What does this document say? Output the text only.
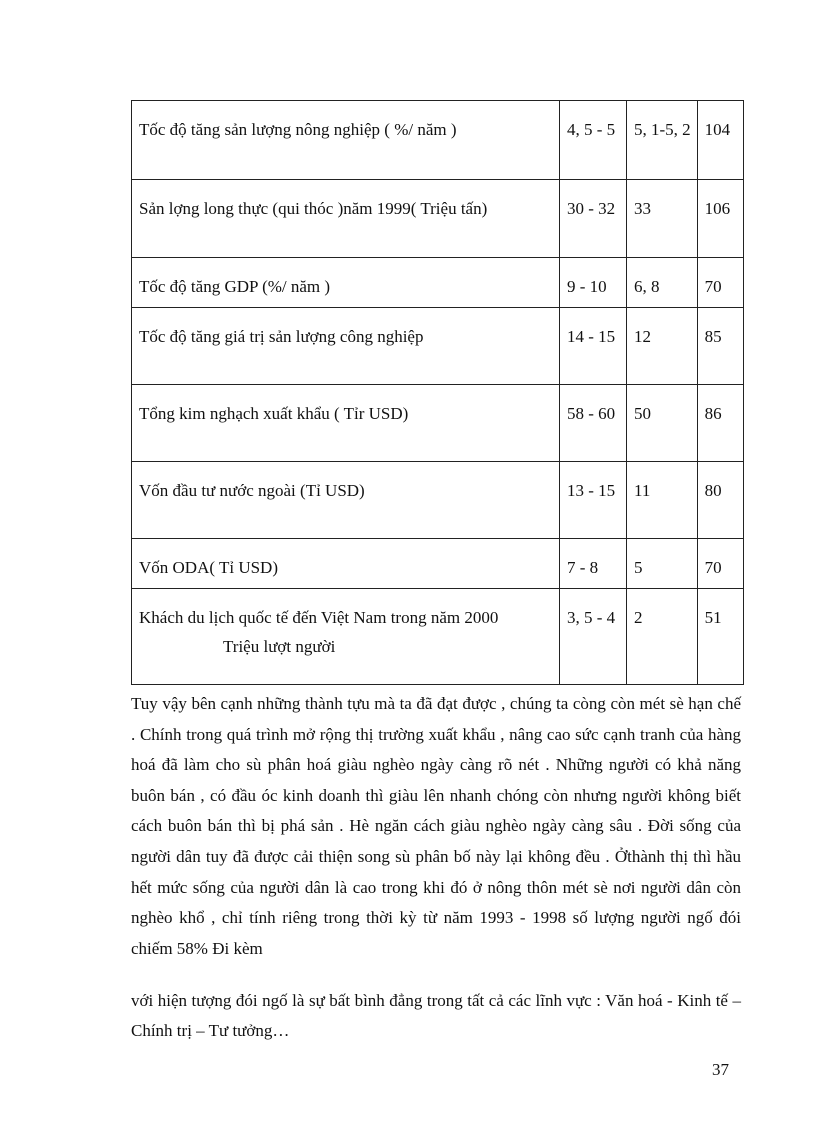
Tốc độ tăng sản lượng nông nghiệp ( %/ năm )	4, 5 - 5	5, 1-5, 2	104
Sản lợng long thực (qui thóc )năm 1999( Triệu tấn)	30 - 32	33	106
Tốc độ tăng GDP (%/ năm )	9 - 10	6, 8	70
Tốc độ tăng giá trị sản lượng công nghiệp	14 - 15	12	85
Tổng kim nghạch xuất khẩu ( Tỉr USD)	58 - 60	50	86
Vốn đầu tư nước ngoài (Tỉ USD)	13 - 15	11	80
Vốn ODA( Tỉ USD)	7 - 8	5	70
Khách du lịch quốc tế đến Việt Nam trong năm 2000
Triệu lượt người	3, 5 - 4	2	51

Tuy vậy bên cạnh những thành tựu mà ta đã đạt được , chúng ta còng còn mét sè hạn chế . Chính trong quá trình mở rộng thị trường xuất khẩu , nâng cao sức cạnh tranh của hàng hoá đã làm cho sù phân hoá giàu nghèo ngày càng rõ nét . Những người có khả năng buôn bán , có đầu óc kinh doanh thì giàu lên nhanh chóng còn nhưng người không biết cách buôn bán thì bị phá sản . Hè ngăn cách giàu nghèo ngày càng sâu . Đời sống của người dân tuy đã được cải thiện song sù phân bố này lại không đều . Ởthành thị thì hầu hết mức sống của người dân là cao trong khi đó ở nông thôn mét sè nơi người dân còn nghèo khổ , chỉ tính riêng trong thời kỳ từ năm 1993 - 1998 số lượng người ngố đói chiếm 58% Đi kèm

với hiện tượng đói ngố là sự bất bình đẳng trong tất cả các lĩnh vực : Văn hoá - Kinh tế – Chính trị – Tư tưởng…

37
